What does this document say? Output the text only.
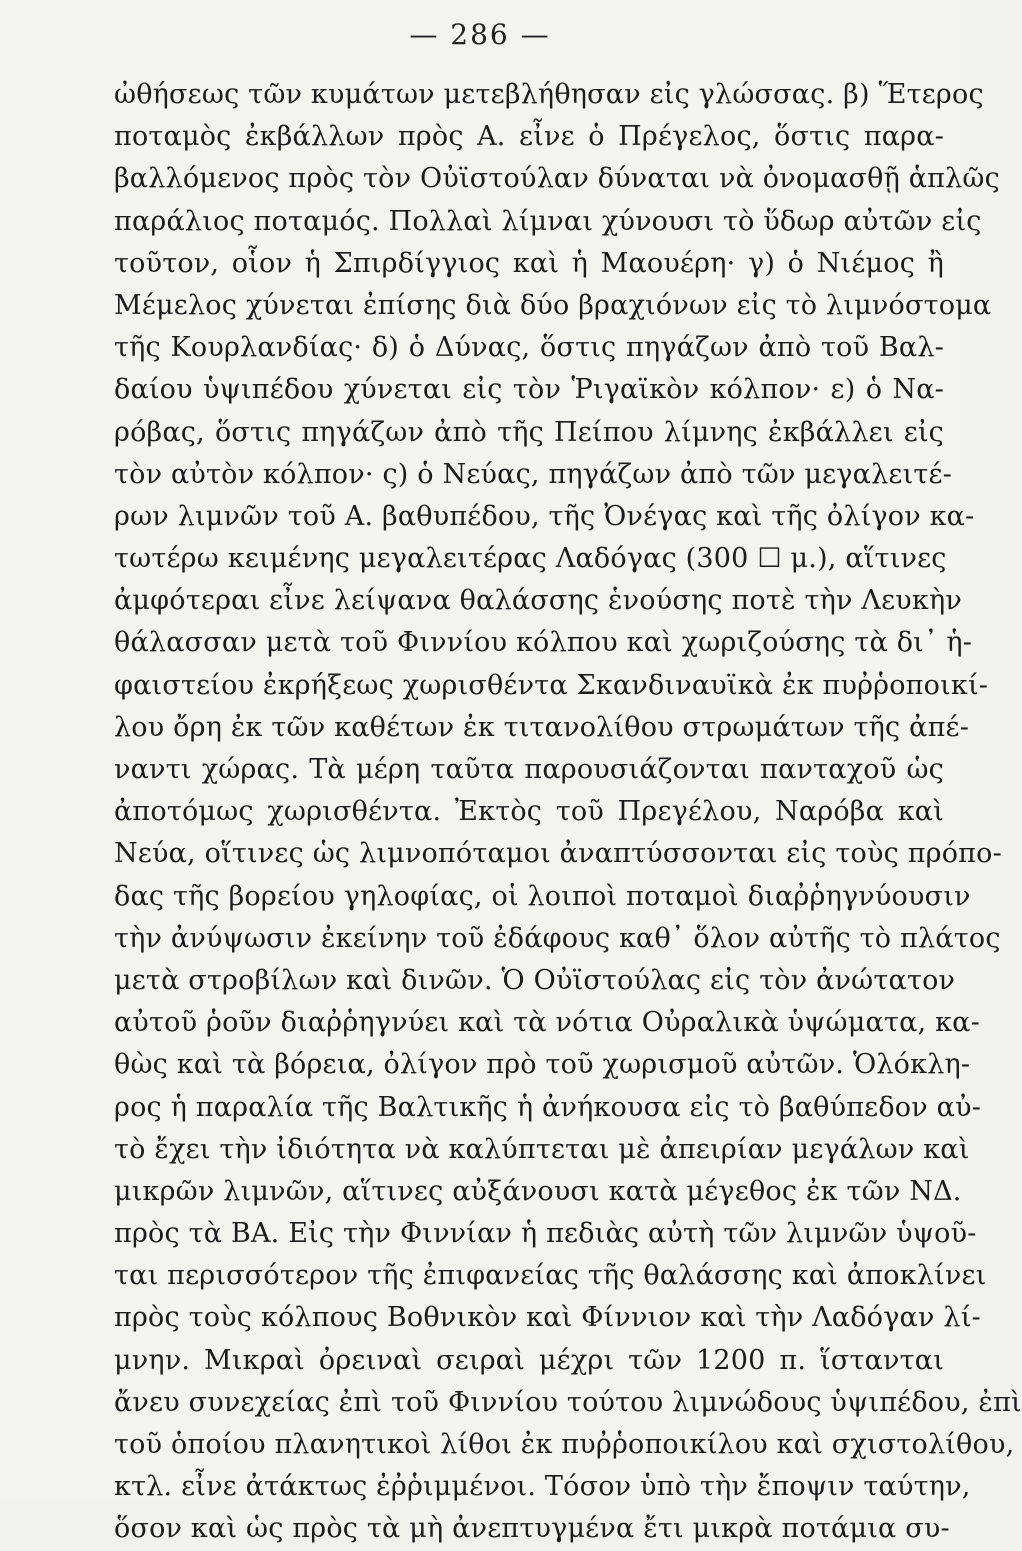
— 286 —
ὠθήσεως τῶν κυμάτων μετεβλήθησαν εἰς γλώσσας. β) Ἕτερος
ποταμὸς ἐκβάλλων πρὸς Α. εἶνε ὁ Πρέγελος, ὅστις παρα-
βαλλόμενος πρὸς τὸν Οὐϊστούλαν δύναται νὰ ὀνομασθῇ ἁπλῶς
παράλιος ποταμός. Πολλαὶ λίμναι χύνουσι τὸ ὕδωρ αὐτῶν εἰς
τοῦτον, οἷον ἡ Σπιρδίγγιος καὶ ἡ Μαουέρη· γ) ὁ Νιέμος ἢ
Μέμελος χύνεται ἐπίσης διὰ δύο βραχιόνων εἰς τὸ λιμνόστομα
τῆς Κουρλανδίας· δ) ὁ Δύνας, ὅστις πηγάζων ἀπὸ τοῦ Βαλ-
δαίου ὑψιπέδου χύνεται εἰς τὸν Ῥιγαϊκὸν κόλπον· ε) ὁ Να-
ρόβας, ὅστις πηγάζων ἀπὸ τῆς Πείπου λίμνης ἐκβάλλει εἰς
τὸν αὐτὸν κόλπον· ς) ὁ Νεύας, πηγάζων ἀπὸ τῶν μεγαλειτέ-
ρων λιμνῶν τοῦ Α. βαθυπέδου, τῆς Ὀνέγας καὶ τῆς ὀλίγον κα-
τωτέρω κειμένης μεγαλειτέρας Λαδόγας (300 ☐ μ.), αἵτινες
ἀμφότεραι εἶνε λείψανα θαλάσσης ἑνούσης ποτὲ τὴν Λευκὴν
θάλασσαν μετὰ τοῦ Φιννίου κόλπου καὶ χωριζούσης τὰ δι᾽ ἡ-
φαιστείου ἐκρήξεως χωρισθέντα Σκανδιναυϊκὰ ἐκ πυῤῥοποικί-
λου ὄρη ἐκ τῶν καθέτων ἐκ τιτανολίθου στρωμάτων τῆς ἀπέ-
ναντι χώρας. Τὰ μέρη ταῦτα παρουσιάζονται πανταχοῦ ὡς
ἀποτόμως χωρισθέντα. Ἐκτὸς τοῦ Πρεγέλου, Ναρόβα καὶ
Νεύα, οἵτινες ὡς λιμνοπόταμοι ἀναπτύσσονται εἰς τοὺς πρόπο-
δας τῆς βορείου γηλοφίας, οἱ λοιποὶ ποταμοὶ διαῤῥηγνύουσιν
τὴν ἀνύψωσιν ἐκείνην τοῦ ἐδάφους καθ᾽ ὅλον αὐτῆς τὸ πλάτος
μετὰ στροβίλων καὶ δινῶν. Ὁ Οὐϊστούλας εἰς τὸν ἀνώτατον
αὐτοῦ ῥοῦν διαῤῥηγνύει καὶ τὰ νότια Οὐραλικὰ ὑψώματα, κα-
θὼς καὶ τὰ βόρεια, ὀλίγον πρὸ τοῦ χωρισμοῦ αὐτῶν. Ὁλόκλη-
ρος ἡ παραλία τῆς Βαλτικῆς ἡ ἀνήκουσα εἰς τὸ βαθύπεδον αὐ-
τὸ ἔχει τὴν ἰδιότητα νὰ καλύπτεται μὲ ἀπειρίαν μεγάλων καὶ
μικρῶν λιμνῶν, αἵτινες αὐξάνουσι κατὰ μέγεθος ἐκ τῶν ΝΔ.
πρὸς τὰ ΒΑ. Εἰς τὴν Φιννίαν ἡ πεδιὰς αὐτὴ τῶν λιμνῶν ὑψοῦ-
ται περισσότερον τῆς ἐπιφανείας τῆς θαλάσσης καὶ ἀποκλίνει
πρὸς τοὺς κόλπους Βοθνικὸν καὶ Φίννιον καὶ τὴν Λαδόγαν λί-
μνην. Μικραὶ ὀρειναὶ σειραὶ μέχρι τῶν 1200 π. ἵστανται
ἄνευ συνεχείας ἐπὶ τοῦ Φιννίου τούτου λιμνώδους ὑψιπέδου, ἐπὶ
τοῦ ὁποίου πλανητικοὶ λίθοι ἐκ πυῤῥοποικίλου καὶ σχιστολίθου,
κτλ. εἶνε ἀτάκτως ἐῤῥιμμένοι. Τόσον ὑπὸ τὴν ἔποψιν ταύτην,
ὅσον καὶ ὡς πρὸς τὰ μὴ ἀνεπτυγμένα ἔτι μικρὰ ποτάμια συ-
